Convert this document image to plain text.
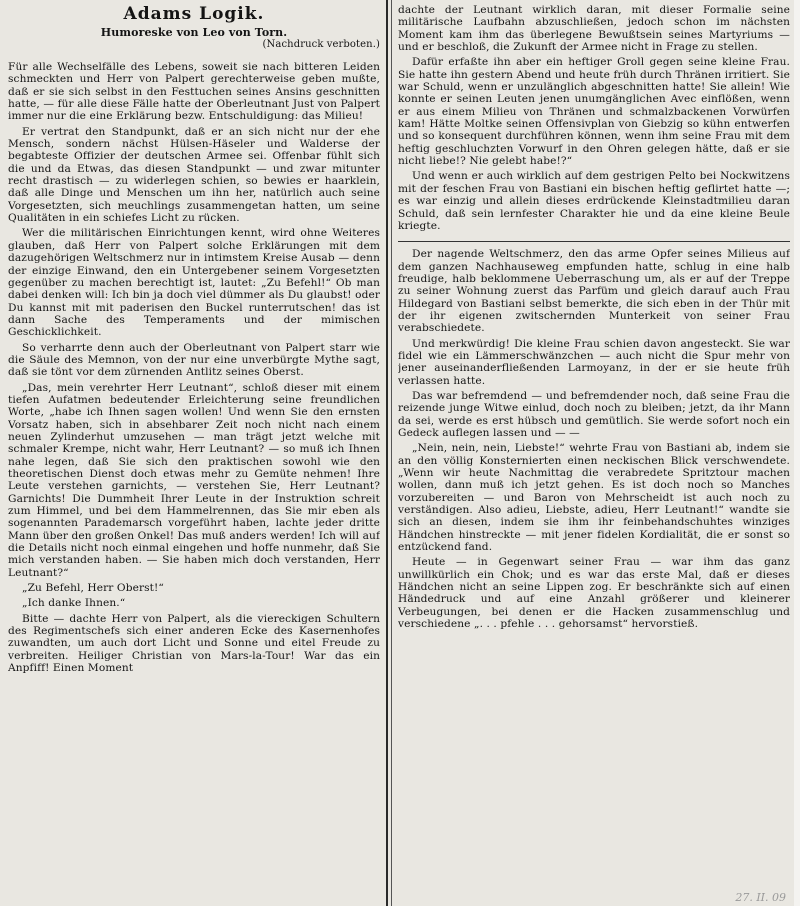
Adams Logik.
Humoreske von Leo von Torn.
(Nachdruck verboten.)

Für alle Wechselfälle des Lebens, soweit sie nach bitteren Leiden schmeckten und Herr von Palpert gerechterweise geben mußte, daß er sie sich selbst in den Festtuchen seines Ansins geschnitten hatte, — für alle diese Fälle hatte der Oberleutnant Just von Palpert immer nur die eine Erklärung bezw. Entschuldigung: das Milieu!

Er vertrat den Standpunkt, daß er an sich nicht nur der ehe Mensch, sondern nächst Hülsen-Häseler und Walderse der begabteste Offizier der deutschen Armee sei. Offenbar fühlt sich die und da Etwas, das diesen Standpunkt — und zwar mitunter recht drastisch — zu widerlegen schien, so bewies er haarklein, daß alle Dinge und Menschen um ihn her, natürlich auch seine Vorgesetzten, sich meuchlings zusammengetan hatten, um seine Qualitäten in ein schiefes Licht zu rücken.

Wer die militärischen Einrichtungen kennt, wird ohne Weiteres glauben, daß Herr von Palpert solche Erklärungen mit dem dazugehörigen Weltschmerz nur in intimstem Kreise Ausab — denn der einzige Einwand, den ein Untergebener seinem Vorgesetzten gegenüber zu machen berechtigt ist, lautet: „Zu Befehl!“ Ob man dabei denken will: Ich bin ja doch viel dümmer als Du glaubst! oder Du kannst mit mit paderisen den Buckel runterrutschen! das ist dann Sache des Temperaments und der mimischen Geschicklichkeit.

So verharrte denn auch der Oberleutnant von Palpert starr wie die Säule des Memnon, von der nur eine unverbürgte Mythe sagt, daß sie tönt vor dem zürnenden Antlitz seines Oberst.

„Das, mein verehrter Herr Leutnant“, schloß dieser mit einem tiefen Aufatmen bedeutender Erleichterung seine freundlichen Worte, „habe ich Ihnen sagen wollen! Und wenn Sie den ernsten Vorsatz haben, sich in absehbarer Zeit noch nicht nach einem neuen Zylinderhut umzusehen — man trägt jetzt welche mit schmaler Krempe, nicht wahr, Herr Leutnant? — so muß ich Ihnen nahe legen, daß Sie sich den praktischen sowohl wie den theoretischen Dienst doch etwas mehr zu Gemüte nehmen! Ihre Leute verstehen garnichts, — verstehen Sie, Herr Leutnant? Garnichts! Die Dummheit Ihrer Leute in der Instruktion schreit zum Himmel, und bei dem Hammelrennen, das Sie mir eben als sogenannten Parademarsch vorgeführt haben, lachte jeder dritte Mann über den großen Onkel! Das muß anders werden! Ich will auf die Details nicht noch einmal eingehen und hoffe nunmehr, daß Sie mich verstanden haben. — Sie haben mich doch verstanden, Herr Leutnant?“

„Zu Befehl, Herr Oberst!“

„Ich danke Ihnen.“

Bitte — dachte Herr von Palpert, als die viereckigen Schultern des Regimentschefs sich einer anderen Ecke des Kasernenhofes zuwandten, um auch dort Licht und Sonne und eitel Freude zu verbreiten. Heiliger Christian von Mars-la-Tour! War das ein Anpfiff! Einen Moment

dachte der Leutnant wirklich daran, mit dieser Formalie seine militärische Laufbahn abzuschließen, jedoch schon im nächsten Moment kam ihm das überlegene Bewußtsein seines Martyriums — und er beschloß, die Zukunft der Armee nicht in Frage zu stellen.

Dafür erfaßte ihn aber ein heftiger Groll gegen seine kleine Frau. Sie hatte ihn gestern Abend und heute früh durch Thränen irritiert. Sie war Schuld, wenn er unzulänglich abgeschnitten hatte! Sie allein! Wie konnte er seinen Leuten jenen unumgänglichen Avec einflößen, wenn er aus einem Milieu von Thränen und schmalzbackenen Vorwürfen kam! Hätte Moltke seinen Offensivplan von Giebzig so kühn entwerfen und so konsequent durchführen können, wenn ihm seine Frau mit dem heftig geschluchzten Vorwurf in den Ohren gelegen hätte, daß er sie nicht liebe!? Nie gelebt habe!?“

Und wenn er auch wirklich auf dem gestrigen Pelto bei Nockwitzens mit der feschen Frau von Bastiani ein bischen heftig geflirtet hatte —; es war einzig und allein dieses erdrückende Kleinstadtmilieu daran Schuld, daß sein lernfester Charakter hie und da eine kleine Beule kriegte.

Der nagende Weltschmerz, den das arme Opfer seines Milieus auf dem ganzen Nachhauseweg empfunden hatte, schlug in eine halb freudige, halb beklommene Ueberraschung um, als er auf der Treppe zu seiner Wohnung zuerst das Parfüm und gleich darauf auch Frau Hildegard von Bastiani selbst bemerkte, die sich eben in der Thür mit der ihr eigenen zwitschernden Munterkeit von seiner Frau verabschiedete.

Und merkwürdig! Die kleine Frau schien davon angesteckt. Sie war fidel wie ein Lämmerschwänzchen — auch nicht die Spur mehr von jener auseinanderfließenden Larmoyanz, in der er sie heute früh verlassen hatte.

Das war befremdend — und befremdender noch, daß seine Frau die reizende junge Witwe einlud, doch noch zu bleiben; jetzt, da ihr Mann da sei, werde es erst hübsch und gemütlich. Sie werde sofort noch ein Gedeck auflegen lassen und — —

„Nein, nein, nein, Liebste!“ wehrte Frau von Bastiani ab, indem sie an den völlig Konsternierten einen neckischen Blick verschwendete. „Wenn wir heute Nachmittag die verabredete Spritztour machen wollen, dann muß ich jetzt gehen. Es ist doch noch so Manches vorzubereiten — und Baron von Mehrscheidt ist auch noch zu verständigen. Also adieu, Liebste, adieu, Herr Leutnant!“ wandte sie sich an diesen, indem sie ihm ihr feinbehandschuhtes winziges Händchen hinstreckte — mit jener fidelen Kordialität, die er sonst so entzückend fand.

Heute — in Gegenwart seiner Frau — war ihm das ganz unwillkürlich ein Chok; und es war das erste Mal, daß er dieses Händchen nicht an seine Lippen zog. Er beschränkte sich auf einen Händedruck und auf eine Anzahl größerer und kleinerer Verbeugungen, bei denen er die Hacken zusammenschlug und verschiedene „. . . pfehle . . . gehorsamst“ hervorstieß.

27. II. 09
